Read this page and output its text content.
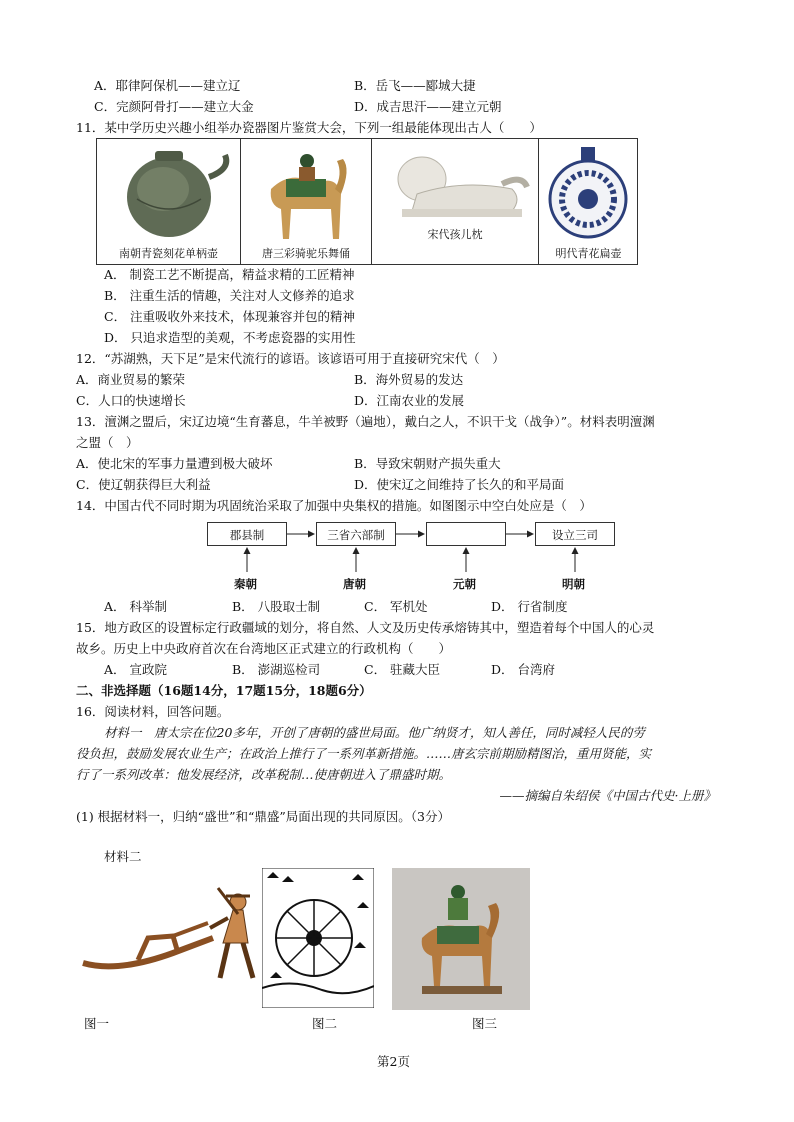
A．耶律阿保机——建立辽	B．岳飞——郾城大捷
C．完颜阿骨打——建立大金	D．成吉思汗——建立元朝
11．某中学历史兴趣小组举办瓷器图片鉴赏大会，下列一组最能体现出古人（　　）
南朝青瓷刻花单柄壶	唐三彩骑驼乐舞俑
宋代孩儿枕
明代青花扁壶
A． 制瓷工艺不断提高，精益求精的工匠精神
B． 注重生活的情趣，关注对人文修养的追求
C． 注重吸收外来技术，体现兼容并包的精神
D． 只追求造型的美观，不考虑瓷器的实用性
12．“苏湖熟，天下足”是宋代流行的谚语。该谚语可用于直接研究宋代（　）
A．商业贸易的繁荣	B．海外贸易的发达
C．人口的快速增长	D．江南农业的发展
13．澶渊之盟后，宋辽边境“生育蕃息，牛羊被野（遍地），戴白之人，不识干戈（战争）”。材料表明澶渊
之盟（　）
A．使北宋的军事力量遭到极大破坏	B．导致宋朝财产损失重大
C．使辽朝获得巨大利益	D．使宋辽之间维持了长久的和平局面
14．中国古代不同时期为巩固统治采取了加强中央集权的措施。如图图示中空白处应是（　）
郡县制	三省六部制	设立三司
秦朝	唐朝	元朝	明朝
A． 科举制	B． 八股取士制	C． 军机处	D． 行省制度
15．地方政区的设置标定行政疆域的划分，将自然、人文及历史传承熔铸其中，塑造着每个中国人的心灵
故乡。历史上中央政府首次在台湾地区正式建立的行政机构（　　）
A． 宣政院	B． 澎湖巡检司	C． 驻藏大臣	D． 台湾府
二、非选择题（16题14分，17题15分，18题6分）
16．阅读材料，回答问题。
材料一　唐太宗在位20多年，开创了唐朝的盛世局面。他广纳贤才，知人善任，同时减轻人民的劳
役负担，鼓励发展农业生产；在政治上推行了一系列革新措施。……唐玄宗前期励精图治，重用贤能，实
行了一系列改革：他发展经济，改革税制…使唐朝进入了鼎盛时期。
——摘编自朱绍侯《中国古代史·上册》
(1) 根据材料一，归纳“盛世”和“鼎盛”局面出现的共同原因。（3分）
材料二
图一	图二	图三
第2页
